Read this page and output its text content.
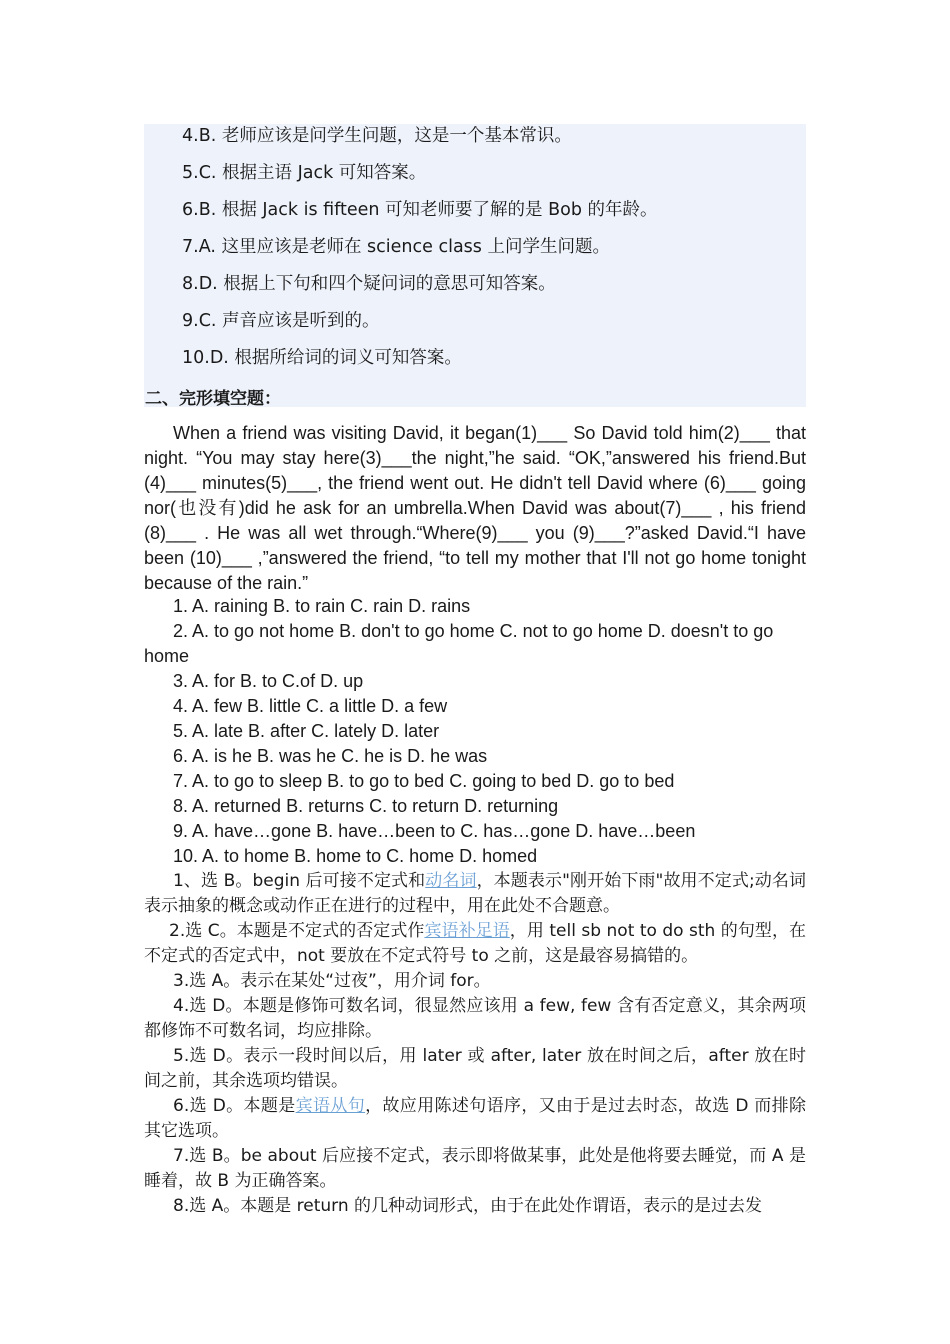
4.B. 老师应该是问学生问题，这是一个基本常识。
5.C. 根据主语 Jack 可知答案。
6.B. 根据 Jack is fifteen 可知老师要了解的是 Bob 的年龄。
7.A. 这里应该是老师在 science class 上问学生问题。
8.D. 根据上下句和四个疑问词的意思可知答案。
9.C. 声音应该是听到的。
10.D. 根据所给词的词义可知答案。
二、完形填空题：

When a friend was visiting David, it began(1)___ So David told him(2)___ that night. “You may stay here(3)___the night,”he said. “OK,”answered his friend.But (4)___ minutes(5)___, the friend went out. He didn't tell David where (6)___ going nor(也没有)did he ask for an umbrella.When David was about(7)___ , his friend (8)___ . He was all wet through.“Where(9)___ you (9)___?”asked David.“I have been (10)___ ,”answered the friend, “to tell my mother that I'll not go home tonight because of the rain.”

1. A. raining B. to rain C. rain D. rains

2. A. to go not home B. don't to go home C. not to go home D. doesn't to go home

3. A. for B. to C.of D. up

4. A. few B. little C. a little D. a few

5. A. late B. after C. lately D. later

6. A. is he B. was he C. he is D. he was

7. A. to go to sleep B. to go to bed C. going to bed D. go to bed

8. A. returned B. returns C. to return D. returning

9. A. have…gone B. have…been to C. has…gone D. have…been

10. A. to home B. home to C. home D. homed

1、选 B。begin 后可接不定式和动名词，本题表示"刚开始下雨"故用不定式;动名词表示抽象的概念或动作正在进行的过程中，用在此处不合题意。

2.选 C。本题是不定式的否定式作宾语补足语，用 tell sb not to do sth 的句型，在不定式的否定式中，not 要放在不定式符号 to 之前，这是最容易搞错的。

3.选 A。表示在某处“过夜”，用介词 for。

4.选 D。本题是修饰可数名词，很显然应该用 a few, few 含有否定意义，其余两项都修饰不可数名词，均应排除。

5.选 D。表示一段时间以后，用 later 或 after, later 放在时间之后，after 放在时间之前，其余选项均错误。

6.选 D。本题是宾语从句，故应用陈述句语序，又由于是过去时态，故选 D 而排除其它选项。

7.选 B。be about 后应接不定式，表示即将做某事，此处是他将要去睡觉，而 A 是睡着，故 B 为正确答案。

8.选 A。本题是 return 的几种动词形式，由于在此处作谓语，表示的是过去发
